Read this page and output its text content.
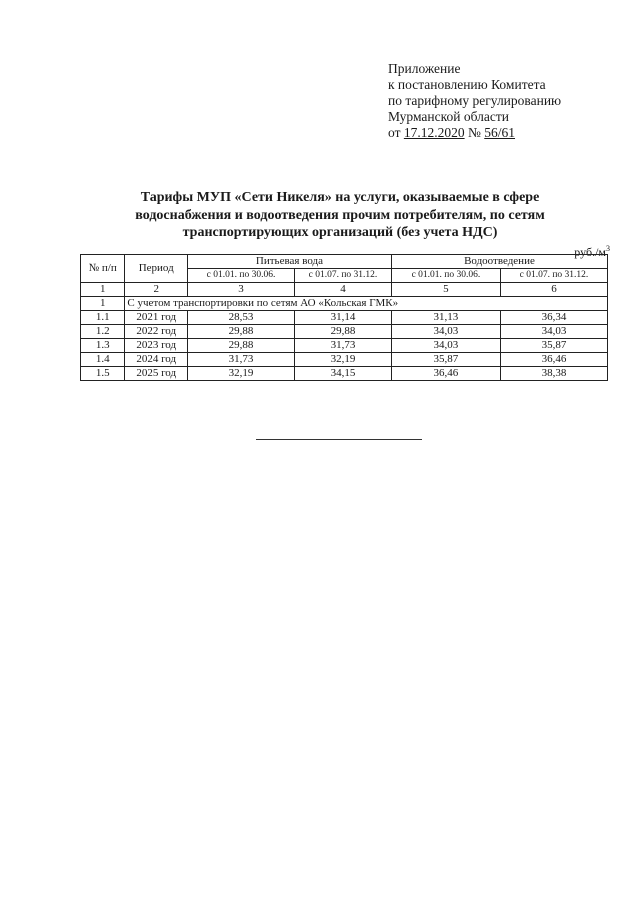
Приложение
к постановлению Комитета
по тарифному регулированию
Мурманской области
от 17.12.2020 № 56/61
Тарифы МУП «Сети Никеля» на услуги, оказываемые в сфере
водоснабжения и водоотведения прочим потребителям, по сетям
транспортирующих организаций (без учета НДС)
$руб./м^3$
№ п/п	Период	Питьевая вода		Водоотведение	
		с 01.01. по 30.06.	с 01.07. по 31.12.	с 01.01. по 30.06.	с 01.07. по 31.12.
1	2	3	4	5	6
1	С учетом транспортировки по сетям АО «Кольская ГМК»				
1.1	2021 год	28,53	31,14	31,13	36,34
1.2	2022 год	29,88	29,88	34,03	34,03
1.3	2023 год	29,88	31,73	34,03	35,87
1.4	2024 год	31,73	32,19	35,87	36,46
1.5	2025 год	32,19	34,15	36,46	38,38
